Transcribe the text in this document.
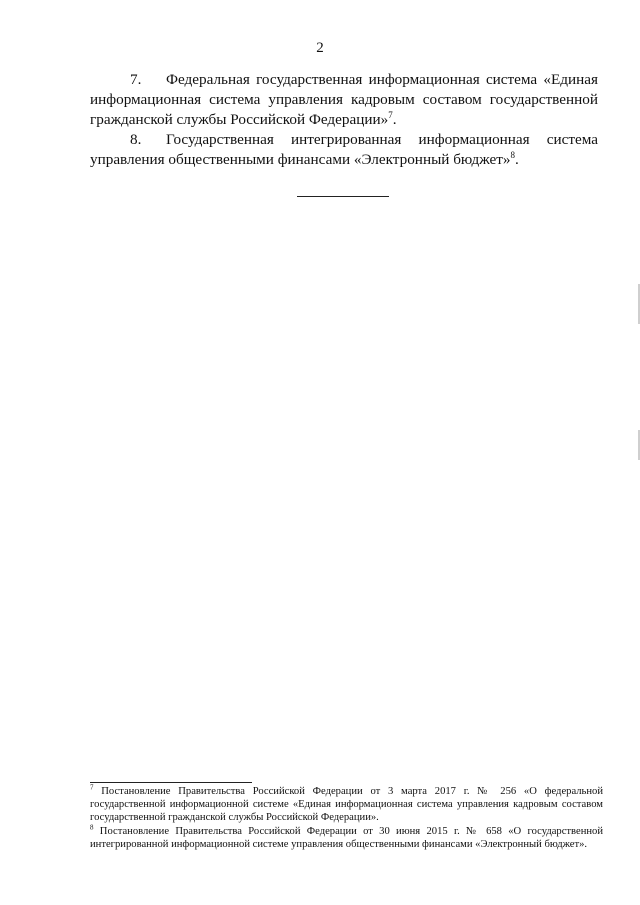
2

7. Федеральная государственная информационная система «Единая информационная система управления кадровым составом государственной гражданской службы Российской Федерации»$^7$.

8. Государственная интегрированная информационная система управления общественными финансами «Электронный бюджет»$^8$.

$^7$ Постановление Правительства Российской Федерации от 3 марта 2017 г. № 256 «О федеральной государственной информационной системе «Единая информационная система управления кадровым составом государственной гражданской службы Российской Федерации».

$^8$ Постановление Правительства Российской Федерации от 30 июня 2015 г. № 658 «О государственной интегрированной информационной системе управления общественными финансами «Электронный бюджет».
